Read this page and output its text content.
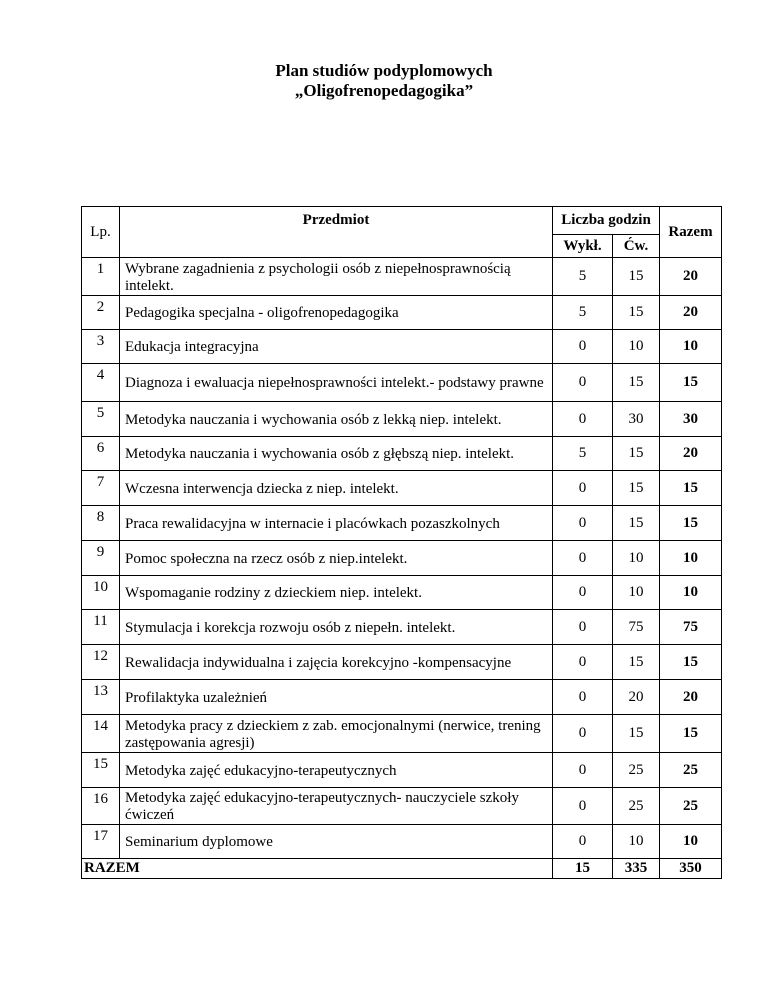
Plan studiów podyplomowych
„Oligofrenopedagogika”
Lp.	Przedmiot	Liczba godzin		Razem
		Wykł.	Ćw.	
1	Wybrane zagadnienia z psychologii osób z niepełnosprawnością intelekt.	5	15	20
2	Pedagogika specjalna - oligofrenopedagogika	5	15	20
3	Edukacja integracyjna	0	10	10
4	Diagnoza i ewaluacja niepełnosprawności intelekt.- podstawy prawne	0	15	15
5	Metodyka nauczania i wychowania osób z lekką niep. intelekt.	0	30	30
6	Metodyka nauczania i wychowania osób z głębszą niep. intelekt.	5	15	20
7	Wczesna interwencja dziecka z niep. intelekt.	0	15	15
8	Praca rewalidacyjna w internacie i placówkach pozaszkolnych	0	15	15
9	Pomoc społeczna na rzecz osób z niep.intelekt.	0	10	10
10	Wspomaganie rodziny z dzieckiem niep. intelekt.	0	10	10
11	Stymulacja i korekcja rozwoju osób z niepełn. intelekt.	0	75	75
12	Rewalidacja indywidualna i zajęcia korekcyjno -kompensacyjne	0	15	15
13	Profilaktyka uzależnień	0	20	20
14	Metodyka pracy z dzieckiem z zab. emocjonalnymi (nerwice, trening zastępowania agresji)	0	15	15
15	Metodyka zajęć edukacyjno-terapeutycznych	0	25	25
16	Metodyka zajęć edukacyjno-terapeutycznych- nauczyciele szkoły ćwiczeń	0	25	25
17	Seminarium dyplomowe	0	10	10
RAZEM		15	335	350
